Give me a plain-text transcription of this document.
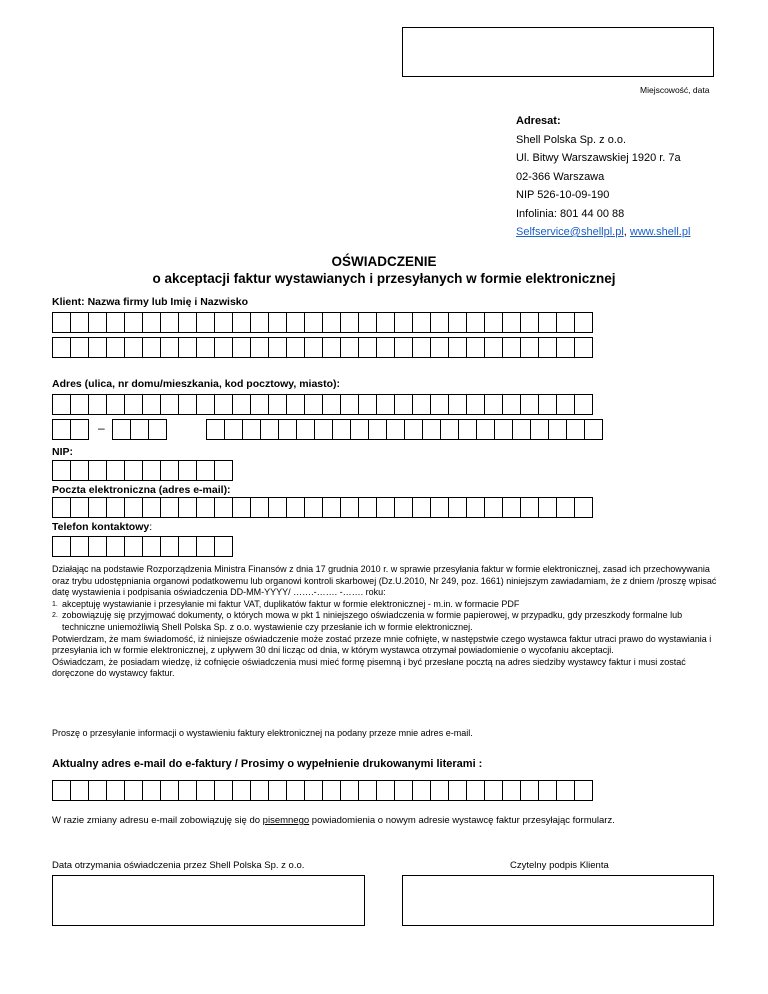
Miejscowość, data
Adresat:
Shell Polska Sp. z o.o.
Ul. Bitwy Warszawskiej 1920 r. 7a
02-366 Warszawa
NIP 526-10-09-190
Infolinia: 801 44 00 88
Selfservice@shellpl.pl, www.shell.pl
OŚWIADCZENIE
o akceptacji faktur wystawianych i przesyłanych w formie elektronicznej
Klient: Nazwa firmy lub Imię i Nazwisko
Adres (ulica, nr domu/mieszkania, kod pocztowy, miasto):
–
NIP:
Poczta elektroniczna (adres e-mail):
Telefon kontaktowy:

Działając na podstawie Rozporządzenia Ministra Finansów z dnia 17 grudnia 2010 r. w sprawie przesyłania faktur w formie elektronicznej, zasad ich przechowywania oraz trybu udostępniania organowi podatkowemu lub organowi kontroli skarbowej (Dz.U.2010, Nr 249, poz. 1661) niniejszym zawiadamiam, że z dniem /proszę wpisać datę wystawienia i podpisania oświadczenia DD-MM-YYYY/ …….-……. -……. roku:

1. akceptuję wystawianie i przesyłanie mi faktur VAT, duplikatów faktur w formie elektronicznej - m.in. w formacie PDF
2. zobowiązuję się przyjmować dokumenty, o których mowa w pkt 1 niniejszego oświadczenia w formie papierowej, w przypadku, gdy przeszkody formalne lub techniczne uniemożliwią Shell Polska Sp. z o.o. wystawienie czy przesłanie ich w formie elektronicznej.

Potwierdzam, że mam świadomość, iż niniejsze oświadczenie może zostać przeze mnie cofnięte, w następstwie czego wystawca faktur utraci prawo do wystawiania i przesyłania ich w formie elektronicznej, z upływem 30 dni licząc od dnia, w którym wystawca otrzymał powiadomienie o wycofaniu akceptacji.

Oświadczam, że posiadam wiedzę, iż cofnięcie oświadczenia musi mieć formę pisemną i być przesłane pocztą na adres siedziby wystawcy faktur i musi zostać doręczone do wystawcy faktur.

Proszę o przesyłanie informacji o wystawieniu faktury elektronicznej na podany przeze mnie adres e-mail.
Aktualny adres e-mail do e-faktury / Prosimy o wypełnienie drukowanymi literami :
W razie zmiany adresu e-mail zobowiązuję się do pisemnego powiadomienia o nowym adresie wystawcę faktur przesyłając formularz.
Data otrzymania oświadczenia przez Shell Polska Sp. z o.o.	Czytelny podpis Klienta
